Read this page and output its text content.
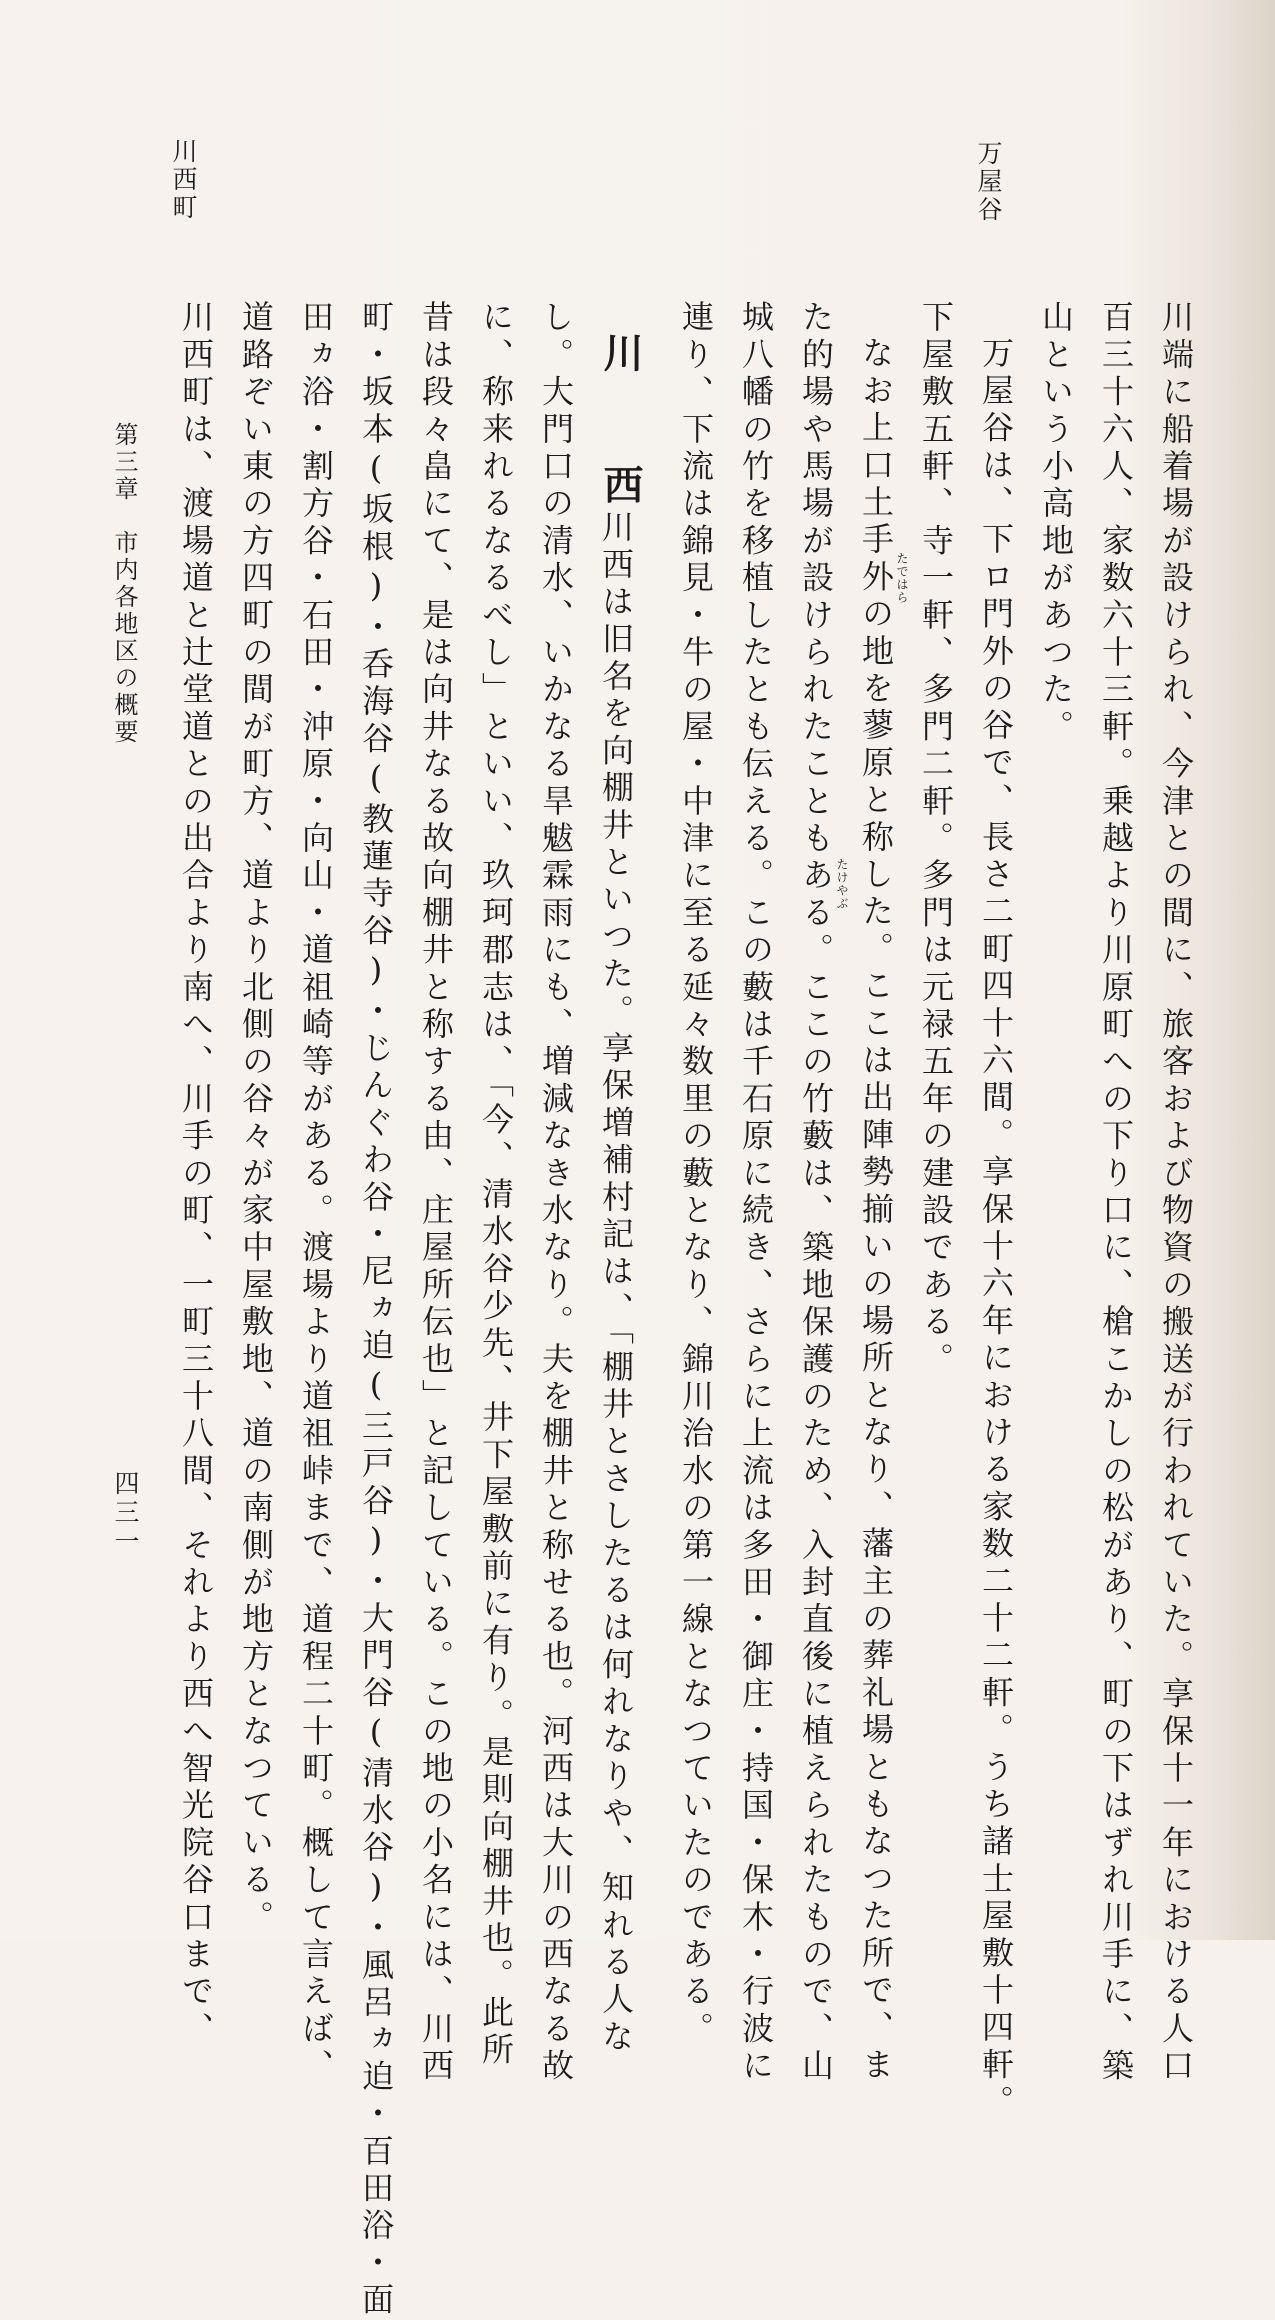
万屋谷
川西町
川端に船着場が設けられ、今津との間に、旅客および物資の搬送が行われていた。享保十一年における人口
百三十六人、家数六十三軒。乗越より川原町への下り口に、槍こかしの松があり、町の下はずれ川手に、築
山という小高地があつた。
万屋谷は、下ロ門外の谷で、長さ二町四十六間。享保十六年における家数二十二軒。うち諸士屋敷十四軒。
下屋敷五軒、寺一軒、多門二軒。多門は元禄五年の建設である。
なお上口土手外の地を蓼原と称した。ここは出陣勢揃いの場所となり、藩主の葬礼場ともなつた所で、ま
た的場や馬場が設けられたこともある。ここの竹藪は、築地保護のため、入封直後に植えられたもので、山
城八幡の竹を移植したとも伝える。この藪は千石原に続き、さらに上流は多田・御庄・持国・保木・行波に
連り、下流は錦見・牛の屋・中津に至る延々数里の藪となり、錦川治水の第一線となつていたのである。
川　西
川西は旧名を向棚井といつた。享保増補村記は、「棚井とさしたるは何れなりや、知れる人な
し。大門口の清水、いかなる旱魃霖雨にも、増減なき水なり。夫を棚井と称せる也。河西は大川の西なる故
に、称来れるなるべし」といい、玖珂郡志は、「今、清水谷少先、井下屋敷前に有り。是則向棚井也。此所
昔は段々畠にて、是は向井なる故向棚井と称する由、庄屋所伝也」と記している。この地の小名には、川西
町・坂本(坂根)・呑海谷(教蓮寺谷)・じんぐわ谷・尼ヵ迫(三戸谷)・大門谷(清水谷)・風呂ヵ迫・百田浴・面
田ヵ浴・割方谷・石田・沖原・向山・道祖崎等がある。渡場より道祖峠まで、道程二十町。概して言えば、
道路ぞい東の方四町の間が町方、道より北側の谷々が家中屋敷地、道の南側が地方となつている。
川西町は、渡場道と辻堂道との出合より南へ、川手の町、一町三十八間、それより西へ智光院谷口まで、	たではら
たけやぶ
第三章　市内各地区の概要
四三一
